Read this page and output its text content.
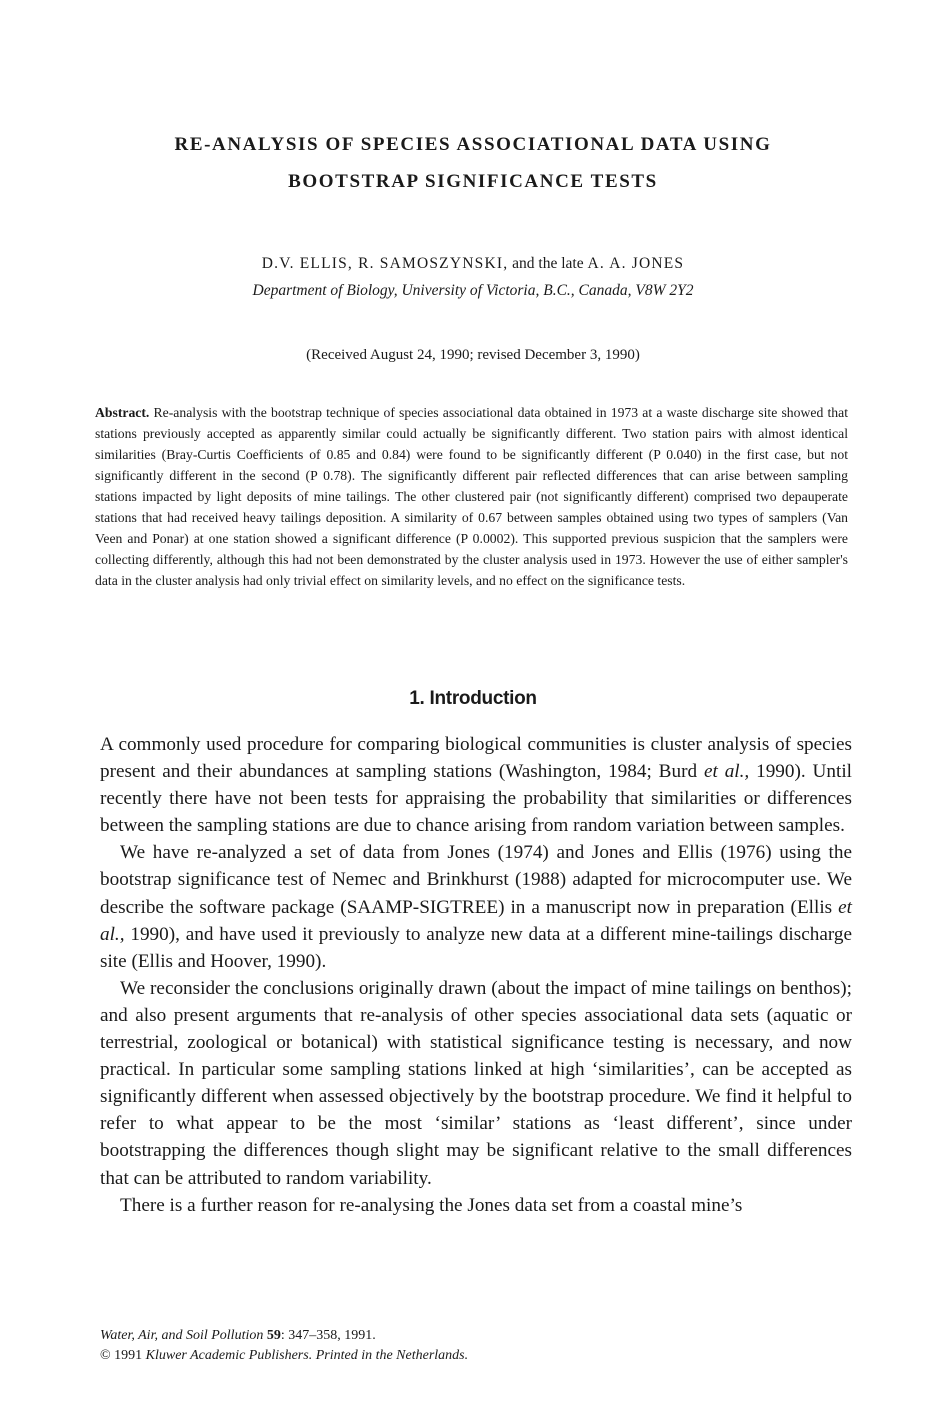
RE-ANALYSIS OF SPECIES ASSOCIATIONAL DATA USING
BOOTSTRAP SIGNIFICANCE TESTS
D.V. ELLIS, R. SAMOSZYNSKI, and the late A. A. JONES
Department of Biology, University of Victoria, B.C., Canada, V8W 2Y2
(Received August 24, 1990; revised December 3, 1990)
Abstract. Re-analysis with the bootstrap technique of species associational data obtained in 1973 at a waste discharge site showed that stations previously accepted as apparently similar could actually be significantly different. Two station pairs with almost identical similarities (Bray-Curtis Coefficients of 0.85 and 0.84) were found to be significantly different (P 0.040) in the first case, but not significantly different in the second (P 0.78). The significantly different pair reflected differences that can arise between sampling stations impacted by light deposits of mine tailings. The other clustered pair (not significantly different) comprised two depauperate stations that had received heavy tailings deposition. A similarity of 0.67 between samples obtained using two types of samplers (Van Veen and Ponar) at one station showed a significant difference (P 0.0002). This supported previous suspicion that the samplers were collecting differently, although this had not been demonstrated by the cluster analysis used in 1973. However the use of either sampler's data in the cluster analysis had only trivial effect on similarity levels, and no effect on the significance tests.
1. Introduction

A commonly used procedure for comparing biological communities is cluster analysis of species present and their abundances at sampling stations (Washington, 1984; Burd et al., 1990). Until recently there have not been tests for appraising the probability that similarities or differences between the sampling stations are due to chance arising from random variation between samples.

We have re-analyzed a set of data from Jones (1974) and Jones and Ellis (1976) using the bootstrap significance test of Nemec and Brinkhurst (1988) adapted for microcomputer use. We describe the software package (SAAMP-SIGTREE) in a manuscript now in preparation (Ellis et al., 1990), and have used it previously to analyze new data at a different mine-tailings discharge site (Ellis and Hoover, 1990).

We reconsider the conclusions originally drawn (about the impact of mine tailings on benthos); and also present arguments that re-analysis of other species associational data sets (aquatic or terrestrial, zoological or botanical) with statistical significance testing is necessary, and now practical. In particular some sampling stations linked at high ‘similarities’, can be accepted as significantly different when assessed objectively by the bootstrap procedure. We find it helpful to refer to what appear to be the most ‘similar’ stations as ‘least different’, since under bootstrapping the differences though slight may be significant relative to the small differences that can be attributed to random variability.

There is a further reason for re-analysing the Jones data set from a coastal mine’s

Water, Air, and Soil Pollution 59: 347–358, 1991.
© 1991 Kluwer Academic Publishers. Printed in the Netherlands.
